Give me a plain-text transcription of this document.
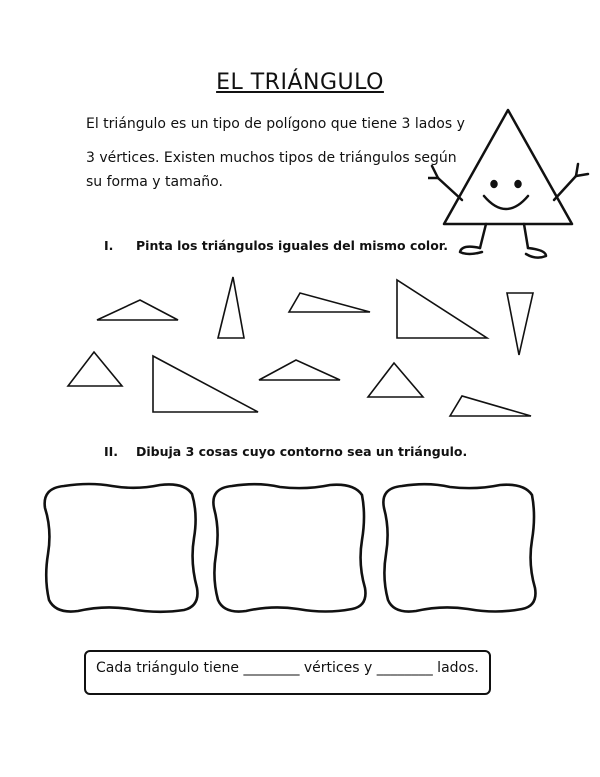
EL TRIÁNGULO
El triángulo es un tipo de polígono que tiene 3 lados y
3 vértices. Existen muchos tipos de triángulos según
su forma y tamaño.
I. Pinta los triángulos iguales del mismo color.
II. Dibuja 3 cosas cuyo contorno sea un triángulo.
Cada triángulo tiene ________ vértices y ________ lados.
